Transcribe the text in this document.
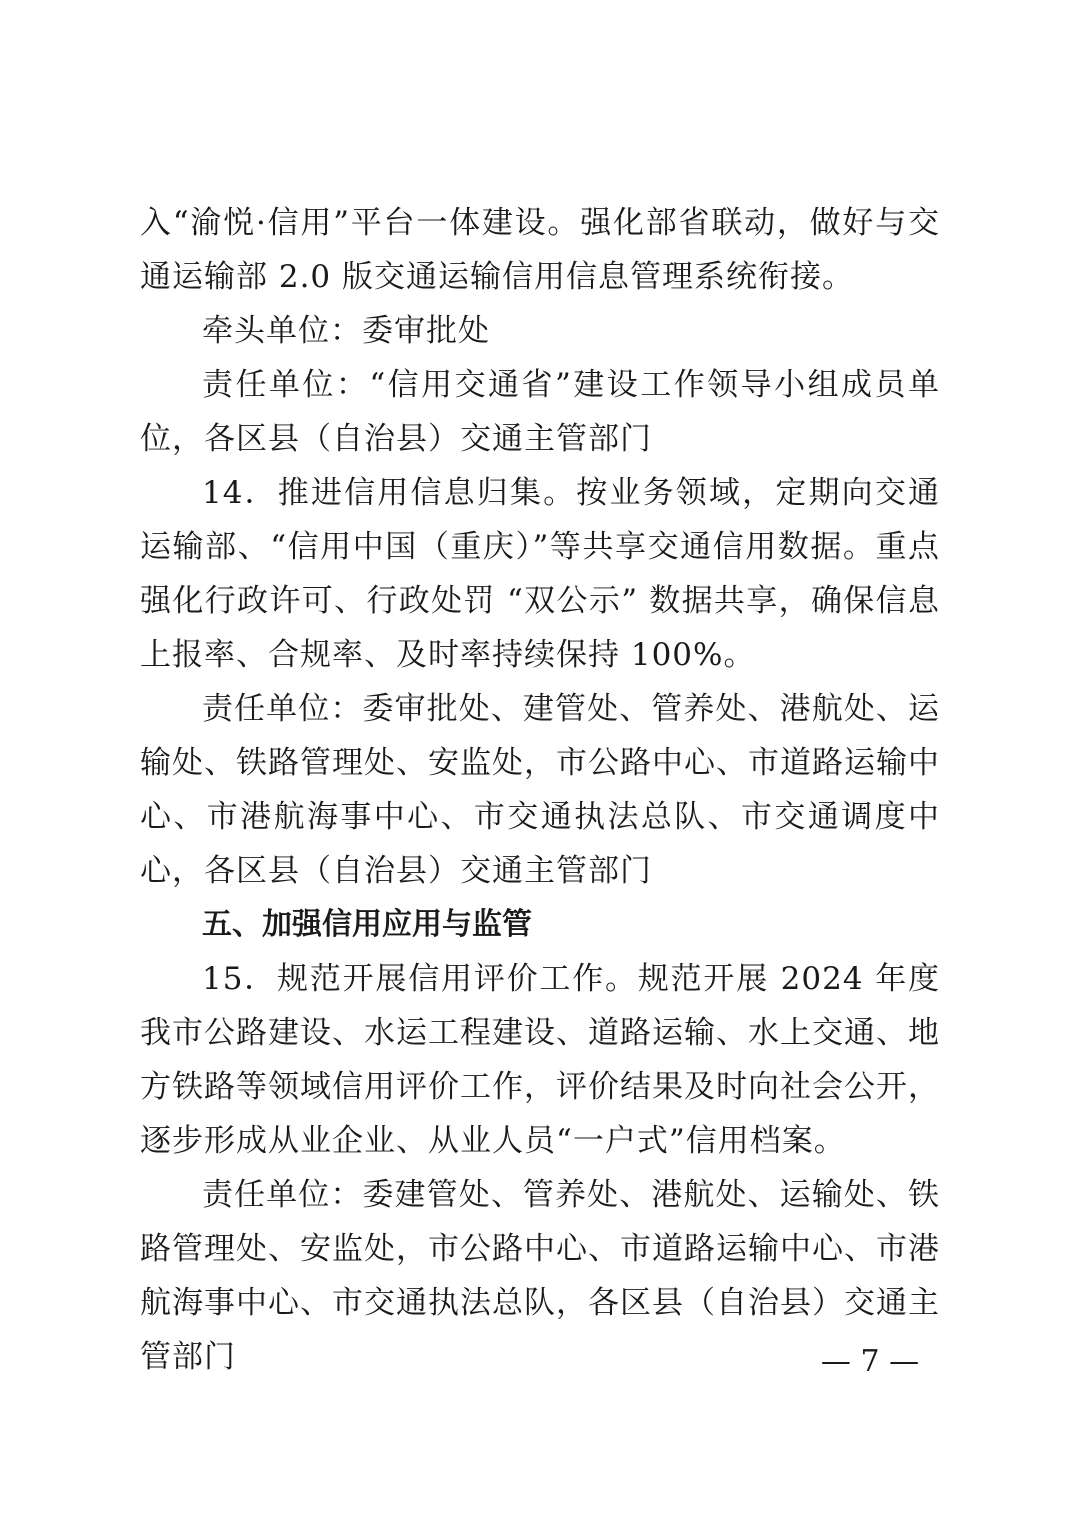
入“渝悦·信用”平台一体建设。强化部省联动，做好与交通运输部 2.0 版交通运输信用信息管理系统衔接。

牵头单位：委审批处

责任单位：“信用交通省”建设工作领导小组成员单位，各区县（自治县）交通主管部门

14．推进信用信息归集。按业务领域，定期向交通运输部、“信用中国（重庆）”等共享交通信用数据。重点强化行政许可、行政处罚 “双公示” 数据共享，确保信息上报率、合规率、及时率持续保持 100%。

责任单位：委审批处、建管处、管养处、港航处、运输处、铁路管理处、安监处，市公路中心、市道路运输中心、市港航海事中心、市交通执法总队、市交通调度中心，各区县（自治县）交通主管部门

五、加强信用应用与监管

15．规范开展信用评价工作。规范开展 2024 年度我市公路建设、水运工程建设、道路运输、水上交通、地方铁路等领域信用评价工作，评价结果及时向社会公开，逐步形成从业企业、从业人员“一户式”信用档案。

责任单位：委建管处、管养处、港航处、运输处、铁路管理处、安监处，市公路中心、市道路运输中心、市港航海事中心、市交通执法总队，各区县（自治县）交通主管部门	— 7 —
